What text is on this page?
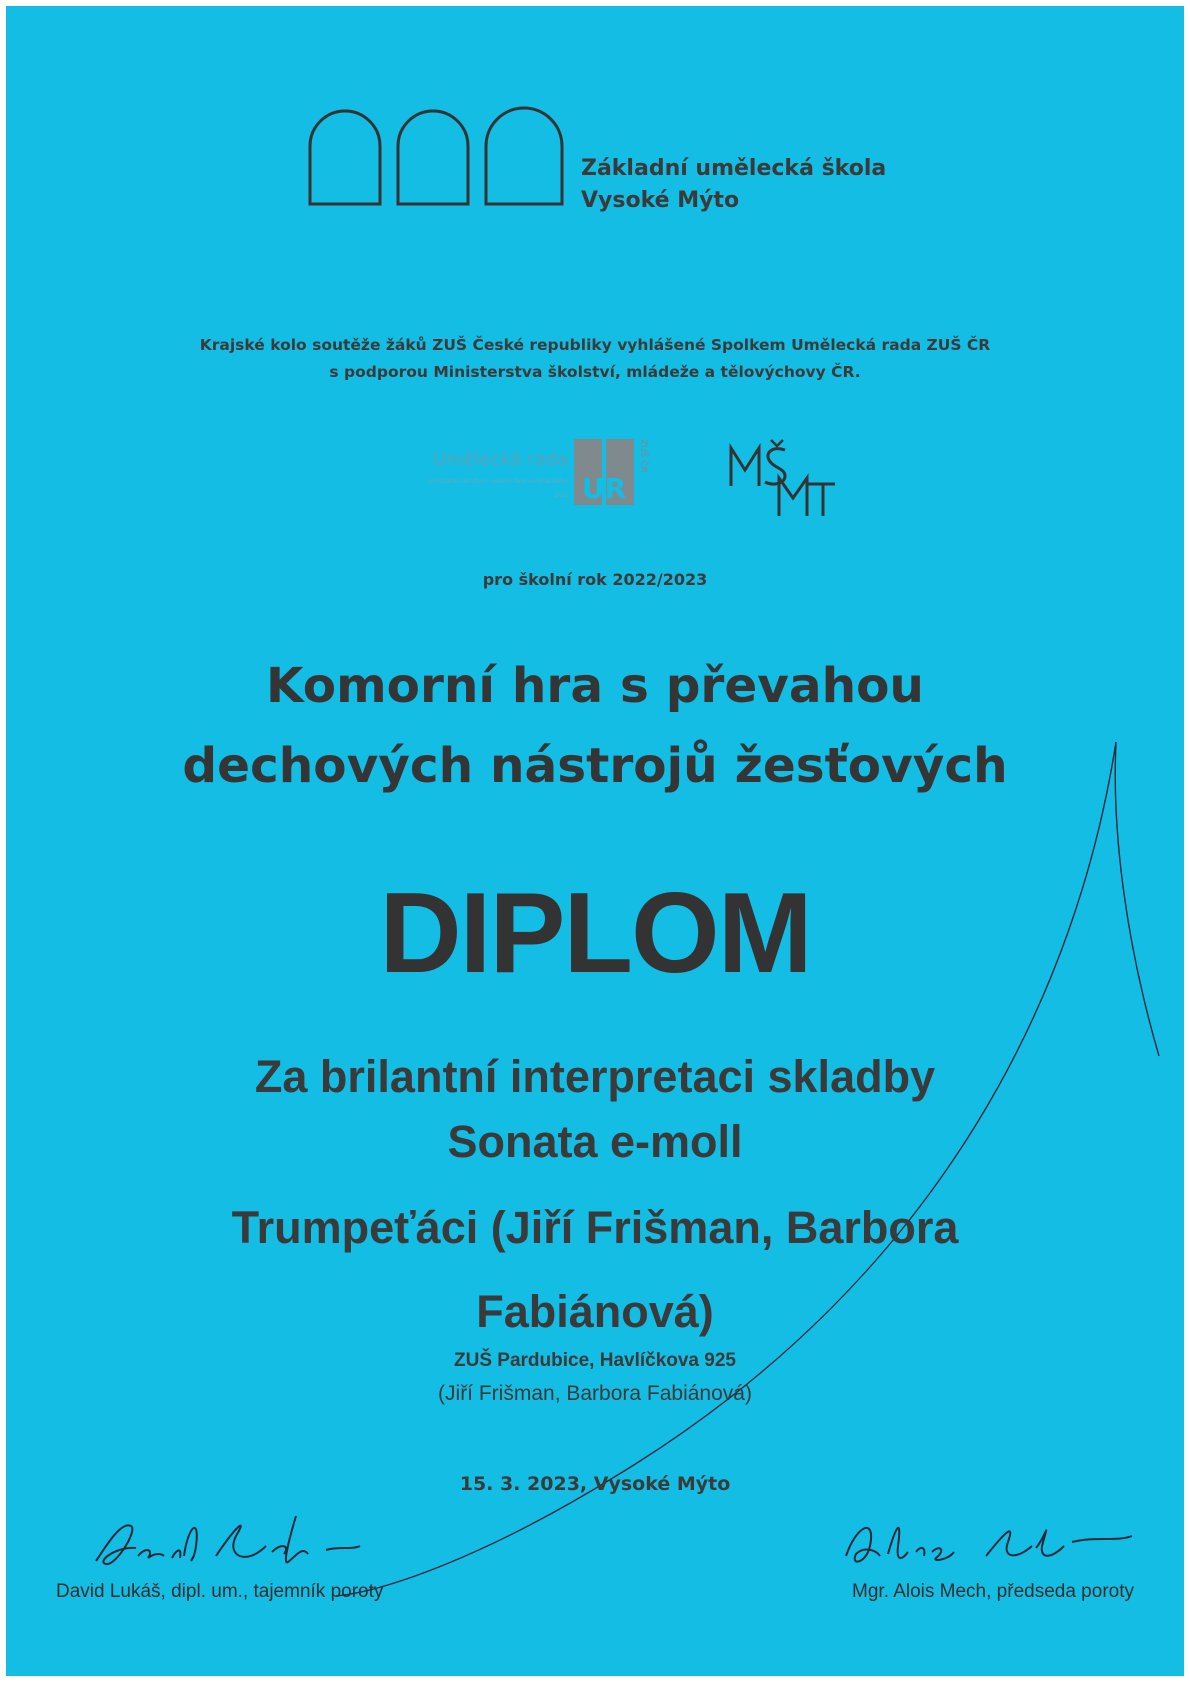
Základní umělecká škola
Vysoké Mýto
Krajské kolo soutěže žáků ZUŠ České republiky vyhlášené Spolkem Umělecká rada ZUŠ ČR
s podporou Ministerstva školství, mládeže a tělovýchovy ČR.
Umělecká rada
celostátní sdružení vedení škol uměleckého
ZUŠ UR
ZUŠ ČR
MŠMT
pro školní rok 2022/2023
Komorní hra s převahou
dechových nástrojů žesťových
DIPLOM
Za brilantní interpretaci skladby
Sonata e-moll
Trumpeťáci (Jiří Frišman, Barbora
Fabiánová)
ZUŠ Pardubice, Havlíčkova 925
(Jiří Frišman, Barbora Fabiánová)
15. 3. 2023, Vysoké Mýto
David Lukáš, dipl. um., tajemník poroty	Mgr. Alois Mech, předseda poroty
